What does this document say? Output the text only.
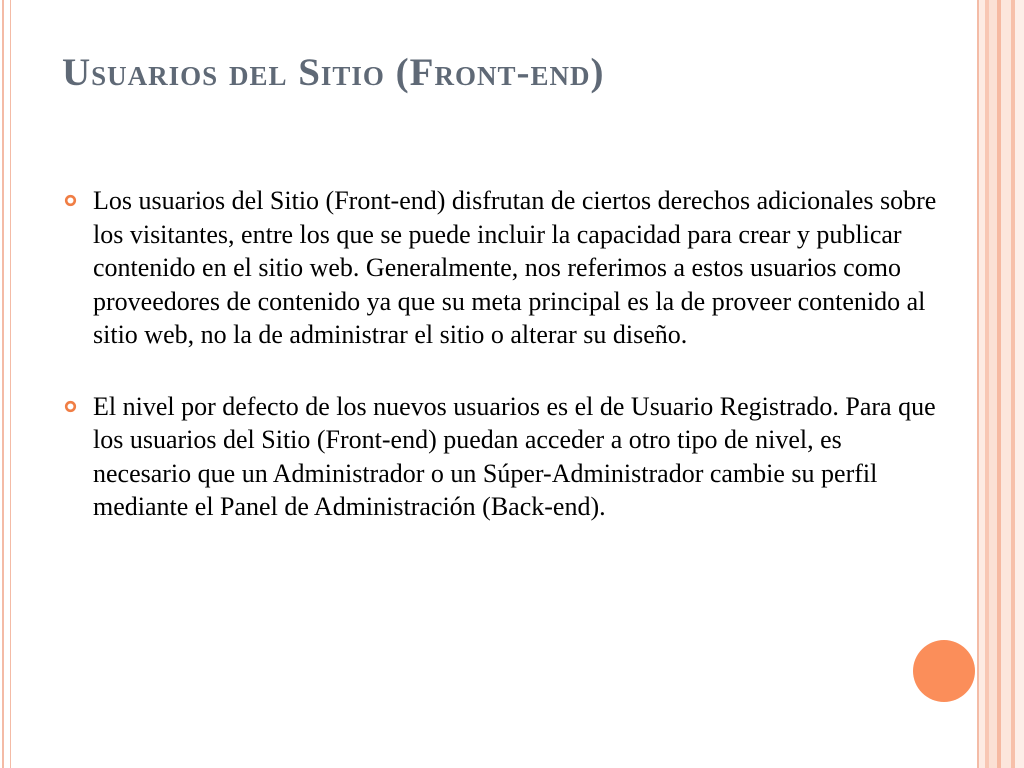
Usuarios del Sitio (Front-end)
Los usuarios del Sitio (Front-end) disfrutan de ciertos derechos adicionales sobre los visitantes, entre los que se puede incluir la capacidad para crear y publicar contenido en el sitio web. Generalmente, nos referimos a estos usuarios como proveedores de contenido ya que su meta principal es la de proveer contenido al sitio web, no la de administrar el sitio o alterar su diseño.
El nivel por defecto de los nuevos usuarios es el de Usuario Registrado. Para que los usuarios del Sitio (Front-end) puedan acceder a otro tipo de nivel, es necesario que un Administrador o un Súper-Administrador cambie su perfil mediante el Panel de Administración (Back-end).
